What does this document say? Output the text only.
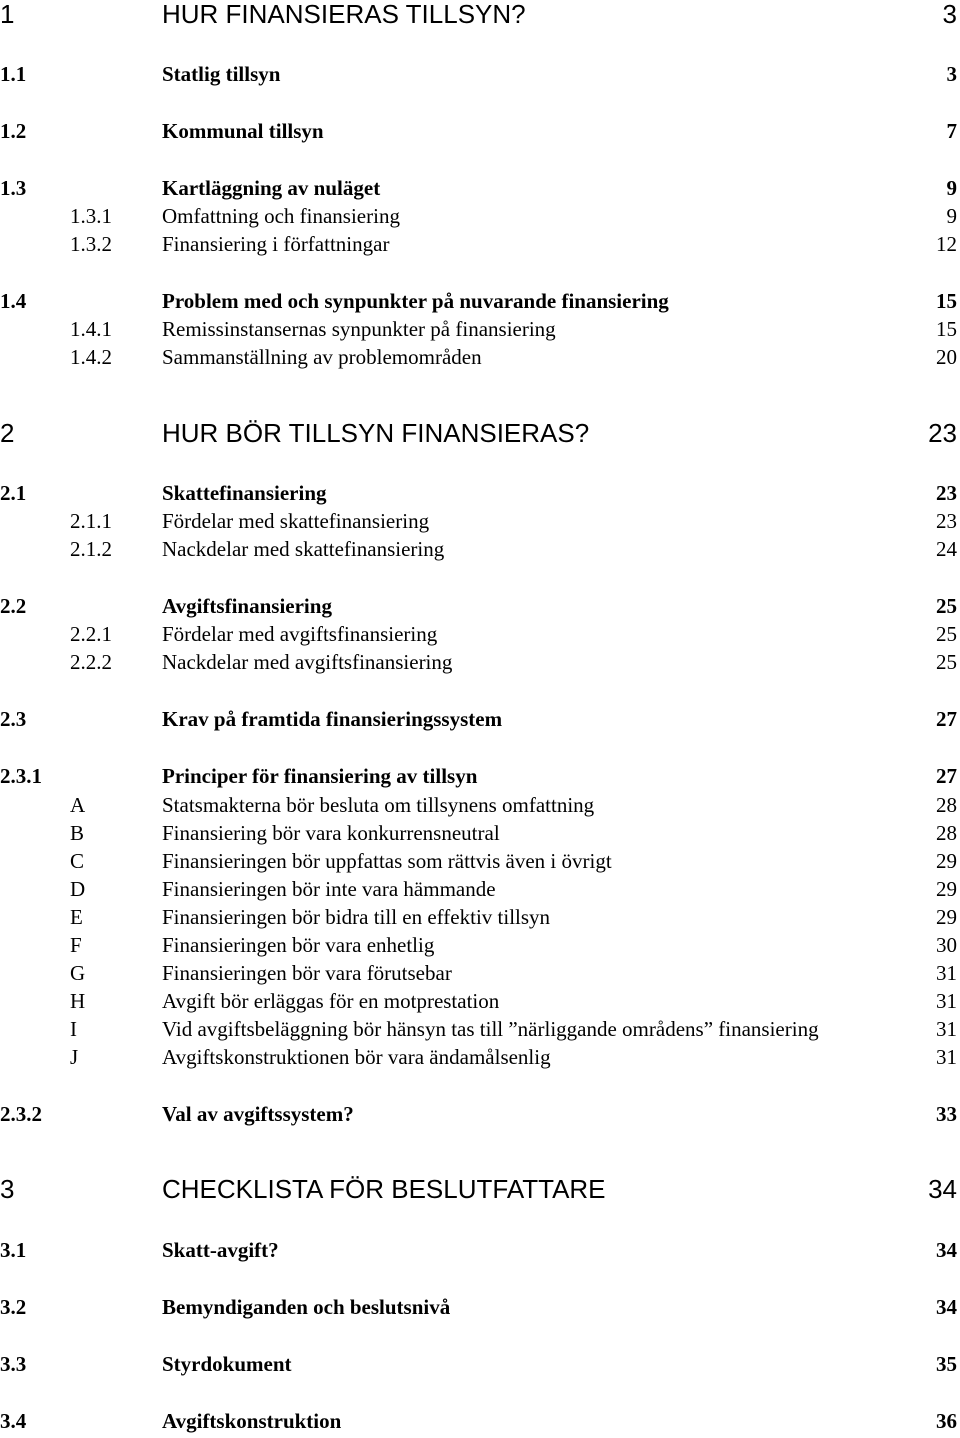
1	HUR FINANSIERAS TILLSYN?	3
1.1	Statlig tillsyn	3
1.2	Kommunal tillsyn	7
1.3	Kartläggning av nuläget	9
1.3.1 Omfattning och finansiering	9
1.3.2 Finansiering i författningar	12
1.4	Problem med och synpunkter på nuvarande finansiering	15
1.4.1 Remissinstansernas synpunkter på finansiering	15
1.4.2 Sammanställning av problemområden	20
2	HUR BÖR TILLSYN FINANSIERAS?	23
2.1	Skattefinansiering	23
2.1.1 Fördelar med skattefinansiering	23
2.1.2 Nackdelar med skattefinansiering	24
2.2	Avgiftsfinansiering	25
2.2.1 Fördelar med avgiftsfinansiering	25
2.2.2 Nackdelar med avgiftsfinansiering	25
2.3	Krav på framtida finansieringssystem	27
2.3.1	Principer för finansiering av tillsyn	27
A	Statsmakterna bör besluta om tillsynens omfattning	28
B	Finansiering bör vara konkurrensneutral	28
C	Finansieringen bör uppfattas som rättvis även i övrigt	29
D	Finansieringen bör inte vara hämmande	29
E	Finansieringen bör bidra till en effektiv tillsyn	29
F	Finansieringen bör vara enhetlig	30
G	Finansieringen bör vara förutsebar	31
H	Avgift bör erläggas för en motprestation	31
I	Vid avgiftsbeläggning bör hänsyn tas till ”närliggande områdens” finansiering	31
J	Avgiftskonstruktionen bör vara ändamålsenlig	31
2.3.2	Val av avgiftssystem?	33
3	CHECKLISTA FÖR BESLUTFATTARE	34
3.1	Skatt-avgift?	34
3.2	Bemyndiganden och beslutsnivå	34
3.3	Styrdokument	35
3.4	Avgiftskonstruktion	36
